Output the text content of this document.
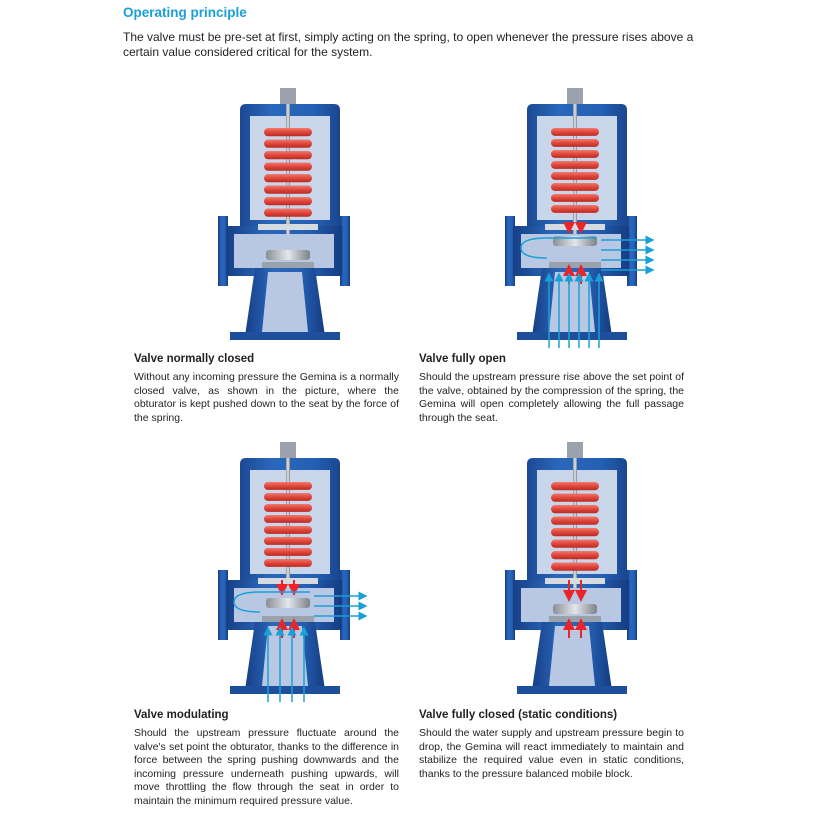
Operating principle
The valve must be pre-set at first, simply acting on the spring, to open whenever the pressure rises above a certain value considered critical for the system.
Valve normally closed
Without any incoming pressure the Gemina is a normally closed valve, as shown in the picture, where the obturator is kept pushed down to the seat by the force of the spring.
Valve fully open
Should the upstream pressure rise above the set point of the valve, obtained by the compression of the spring, the Gemina will open completely allowing the full passage through the seat.
Valve modulating
Should the upstream pressure fluctuate around the valve's set point the obturator, thanks to the difference in force between the spring pushing downwards and the incoming pressure underneath pushing upwards, will move throttling the flow through the seat in order to maintain the minimum required pressure value.
Valve fully closed (static conditions)
Should the water supply and upstream pressure begin to drop, the Gemina will react immediately to maintain and stabilize the required value even in static conditions, thanks to the pressure balanced mobile block.
